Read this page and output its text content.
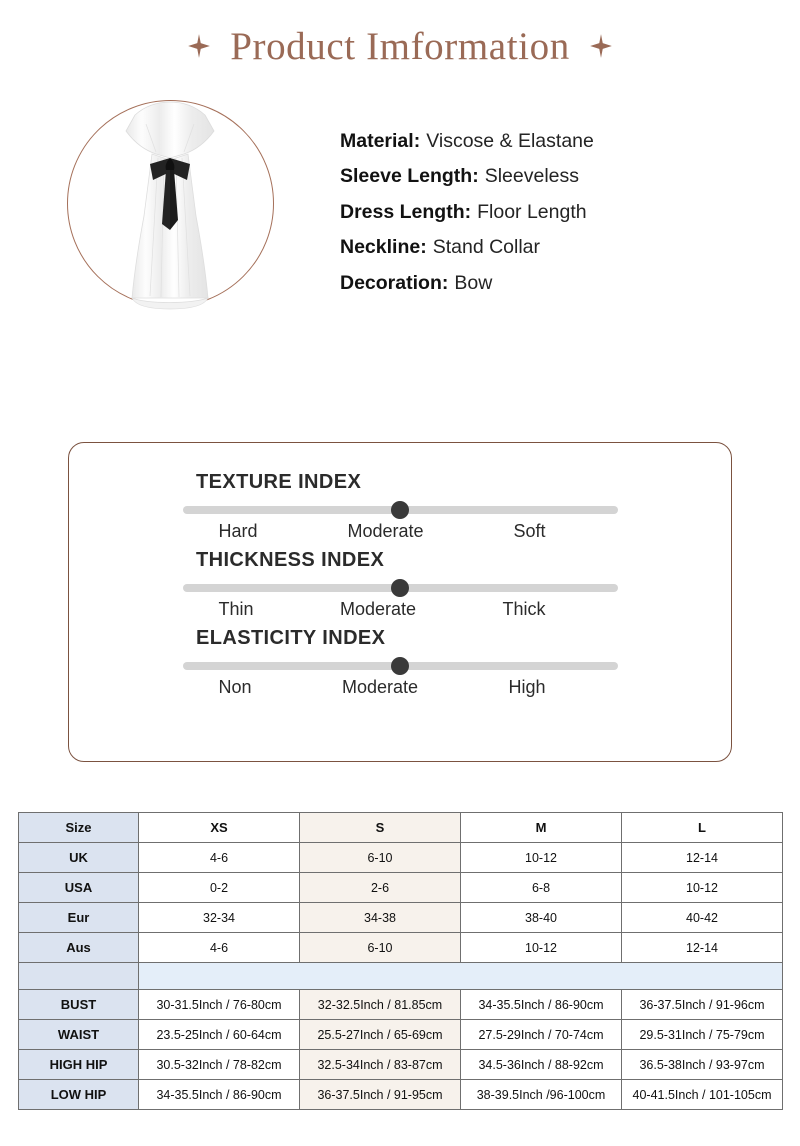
Product Imformation
Material: Viscose & Elastane
Sleeve Length: Sleeveless
Dress Length: Floor Length
Neckline: Stand Collar
Decoration: Bow
TEXTURE INDEX
Hard	Moderate	Soft
THICKNESS INDEX
Thin	Moderate	Thick
ELASTICITY INDEX
Non	Moderate	High
Size	XS	S	M	L
UK	4-6	6-10	10-12	12-14
USA	0-2	2-6	6-8	10-12
Eur	32-34	34-38	38-40	40-42
Aus	4-6	6-10	10-12	12-14

BUST	30-31.5Inch / 76-80cm	32-32.5Inch / 81.85cm	34-35.5Inch / 86-90cm	36-37.5Inch / 91-96cm
WAIST	23.5-25Inch / 60-64cm	25.5-27Inch / 65-69cm	27.5-29Inch / 70-74cm	29.5-31Inch / 75-79cm
HIGH HIP	30.5-32Inch / 78-82cm	32.5-34Inch / 83-87cm	34.5-36Inch / 88-92cm	36.5-38Inch / 93-97cm
LOW HIP	34-35.5Inch / 86-90cm	36-37.5Inch / 91-95cm	38-39.5Inch /96-100cm	40-41.5Inch / 101-105cm
